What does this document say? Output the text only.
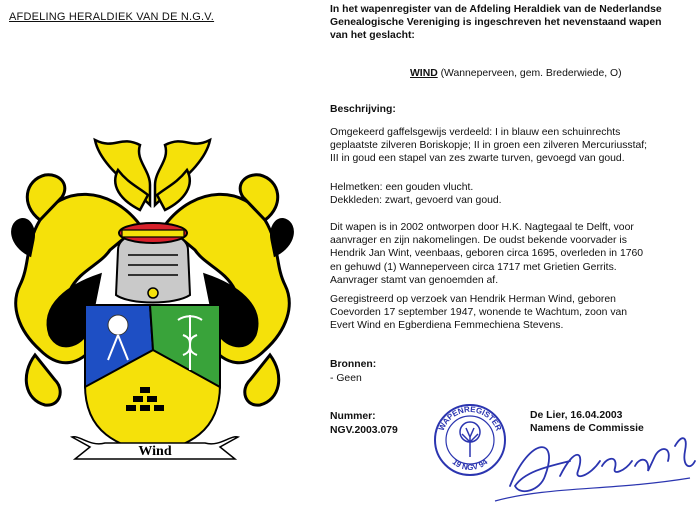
AFDELING HERALDIEK VAN DE N.G.V.
Wind
In het wapenregister van de Afdeling Heraldiek van de Nederlandse
Genealogische Vereniging is ingeschreven het nevenstaand wapen
van het geslacht:
WIND (Wanneperveen, gem. Brederwiede, O)
Beschrijving:
Omgekeerd gaffelsgewijs verdeeld: I in blauw een schuinrechts
geplaatste zilveren Boriskopje; II in groen een zilveren Mercuriusstaf;
III in goud een stapel van zes zwarte turven, gevoegd van goud.
Helmetken: een gouden vlucht.
Dekkleden: zwart, gevoerd van goud.
Dit wapen is in 2002 ontworpen door H.K. Nagtegaal te Delft, voor
aanvrager en zijn nakomelingen. De oudst bekende voorvader is
Hendrik Jan Wint, veenbaas, geboren circa 1695, overleden in 1760
en gehuwd (1) Wanneperveen circa 1717 met Grietien Gerrits.
Aanvrager stamt van genoemden af.
Geregistreerd op verzoek van Hendrik Herman Wind, geboren
Coevorden 17 september 1947, wonende te Wachtum, zoon van
Evert Wind en Egberdiena Femmechiena Stevens.
Bronnen:
- Geen
Nummer:
NGV.2003.079	WAPENREGISTER
19 NGV 94
De Lier, 16.04.2003
Namens de Commissie
